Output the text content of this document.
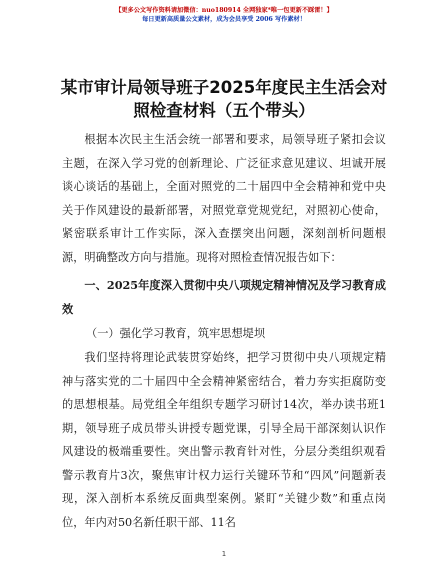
【更多公文写作资料请加微信：nuo180914 全网独家*唯一包更新不踩雷！】
每日更新高质量公文素材，成为会员享受 2006 写作素材！
某市审计局领导班子2025年度民主生活会对照检查材料（五个带头）

根据本次民主生活会统一部署和要求，局领导班子紧扣会议主题，在深入学习党的创新理论、广泛征求意见建议、坦诚开展谈心谈话的基础上，全面对照党的二十届四中全会精神和党中央关于作风建设的最新部署，对照党章党规党纪，对照初心使命，紧密联系审计工作实际，深入查摆突出问题，深刻剖析问题根源，明确整改方向与措施。现将对照检查情况报告如下：

一、2025年度深入贯彻中央八项规定精神情况及学习教育成效

（一）强化学习教育，筑牢思想堤坝

我们坚持将理论武装贯穿始终，把学习贯彻中央八项规定精神与落实党的二十届四中全会精神紧密结合，着力夯实拒腐防变的思想根基。局党组全年组织专题学习研讨14次，举办读书班1期，领导班子成员带头讲授专题党课，引导全局干部深刻认识作风建设的极端重要性。突出警示教育针对性，分层分类组织观看警示教育片3次，聚焦审计权力运行关键环节和“四风”问题新表现，深入剖析本系统反面典型案例。紧盯“关键少数”和重点岗位，年内对50名新任职干部、11名

1
